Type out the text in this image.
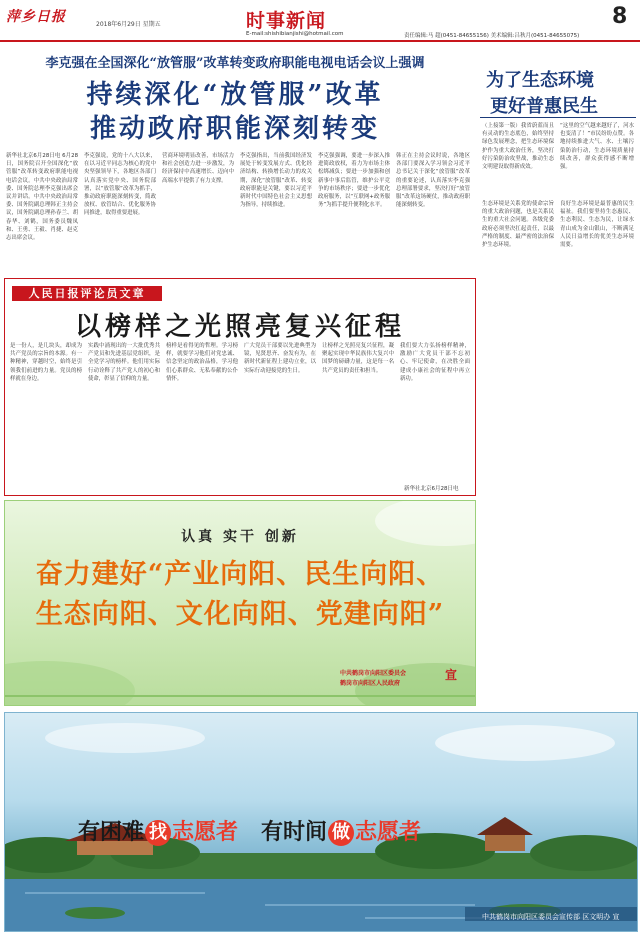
萍乡日报	2018年6月29日 星期五	时事新闻
E-mail:shishibianjishi@hotmail.com	责任编辑:马 超(0451-84655156) 美术编辑:吕秋月(0451-84655075)
8
李克强在全国深化“放管服”改革转变政府职能电视电话会议上强调
持续深化“放管服”改革
推动政府职能深刻转变
新华社北京6月28日电 6月28日，国务院召开全国深化“放管服”改革转变政府职能电视电话会议。中共中央政治局常委、国务院总理李克强出席会议并讲话。中共中央政治局常委、国务院副总理韩正主持会议，国务院副总理孙春兰、胡春华、刘鹤，国务委员魏凤和、王勇、王毅、肖捷、赵克志出席会议。
李克强说，党的十八大以来，在以习近平同志为核心的党中央坚强领导下，各地区各部门认真落实党中央、国务院部署，以“放管服”改革为抓手，推动政府职能深刻转变，简政放权、放管结合、优化服务协同推进，取得重要进展。
营商环境明显改善，市场活力和社会创造力进一步激发，为经济保持中高速增长、迈向中高端水平提供了有力支撑。
李克强指出，当前我国经济发展处于转变发展方式、优化经济结构、转换增长动力的攻关期，深化“放管服”改革、转变政府职能是关键，要以习近平新时代中国特色社会主义思想为指导，持续推进。
李克强强调，要进一步深入推进简政放权，着力为市场主体松绑减负；要进一步加强和创新事中事后监管，维护公平竞争的市场秩序；要进一步优化政府服务，以“互联网+政务服务”为抓手提升便利化水平。
韩正在主持会议时说，各地区各部门要深入学习领会习近平总书记关于深化“放管服”改革的重要论述，认真落实李克强总理部署要求，坚决打好“放管服”改革这场硬仗，推动政府职能深刻转变。
为了生态环境
更好普惠民生
（上接第一版）我省蔚蓝而且有灵动的生态底色，始终坚持绿色发展理念，把生态环境保护作为重大政治任务，坚决打好污染防治攻坚战，推动生态文明建设取得新成效。
生态环境是关系党的使命宗旨的重大政治问题，也是关系民生的重大社会问题。各级党委政府必须坚决扛起责任，以最严格的制度、最严密的法治保护生态环境。
“这里的空气越来越好了，河水也变清了！”市民纷纷点赞。各地持续推进大气、水、土壤污染防治行动，生态环境质量持续改善，群众获得感不断增强。
良好生态环境是最普惠的民生福祉。我们要坚持生态惠民、生态利民、生态为民，让绿水青山成为金山银山，不断满足人民日益增长的优美生态环境需要。
人民日报评论员文章
以榜样之光照亮复兴征程
是一份人，是几块头，却成为共产党员的宗旨的本源。有一种精神，穿越时空，始终是引领我们前进的力量。党员的榜样就在身边。
实践中涌现出的一大批优秀共产党员和先进基层党组织，是全党学习的榜样。他们用实际行动诠释了共产党人的初心和使命，彰显了信仰的力量。
榜样是看得见的哲理。学习榜样，就要学习他们对党忠诚、信念坚定的政治品格，学习他们心系群众、无私奉献的公仆情怀。
广大党员干部要以先进典型为镜，见贤思齐、奋发有为，在新时代新征程上建功立业，以实际行动迎接党的生日。
让榜样之光照亮复兴征程，凝聚起实现中华民族伟大复兴中国梦的磅礴力量，这是每一名共产党员的责任和担当。
我们要大力弘扬榜样精神，激励广大党员干部不忘初心、牢记使命，在决胜全面建成小康社会的征程中再立新功。
新华社北京6月28日电
认真 实干 创新
奋力建好“产业向阳、民生向阳、
生态向阳、文化向阳、党建向阳”
中共鹤岗市向阳区委员会
鹤岗市向阳区人民政府
宣
有困难 找 志愿者 有时间 做 志愿者
中共鹤岗市向阳区委员会宣传部 区文明办 宣
